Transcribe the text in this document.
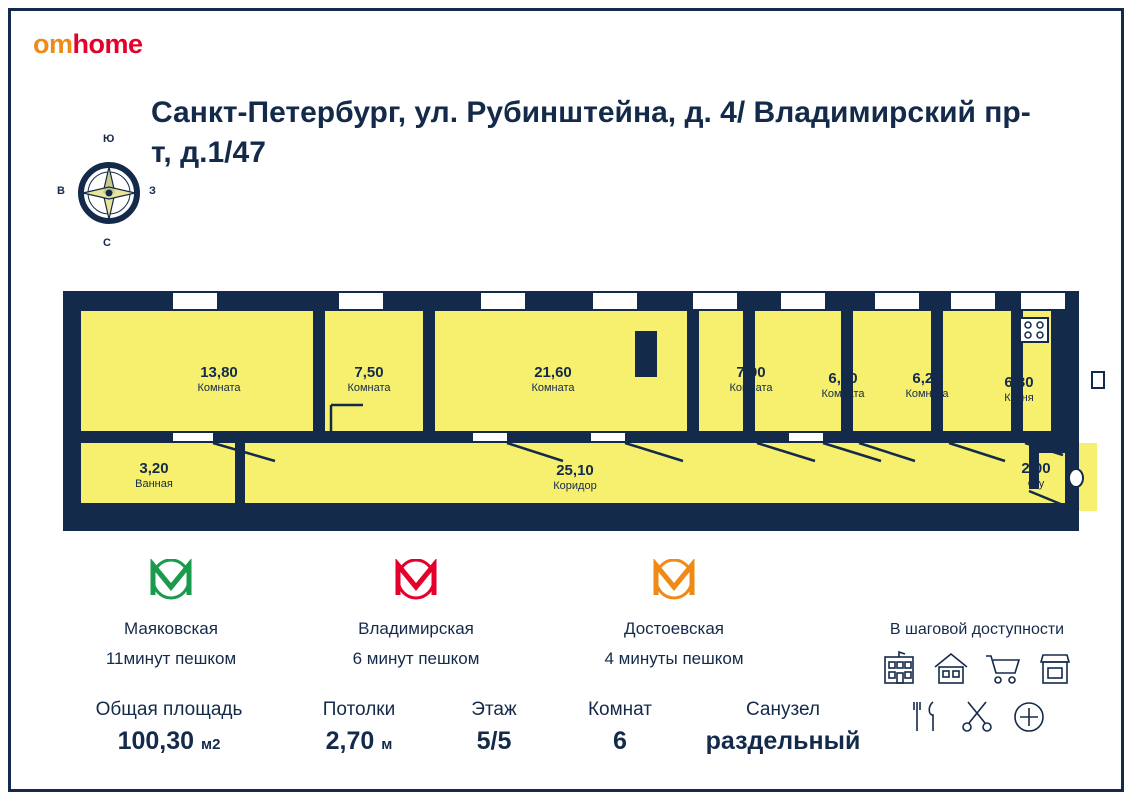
omhome
Санкт-Петербург, ул. Рубинштейна, д. 4/ Владимирский пр-т, д.1/47
Ю
В	З
С
13,80
Комната
7,50
Комната
21,60
Комната
7,90
Комната
6,70
Комната
6,20
Комната
6,30
Кухня
3,20
Ванная
25,10
Коридор
2,00
С/у
Маяковская
11минут пешком
Владимирская
6 минут пешком
Достоевская
4 минуты пешком
Общая площадь
100,30 м2
Потолки
2,70 м
Этаж
5/5
Комнат
6
Санузел
раздельный
В шаговой доступности
